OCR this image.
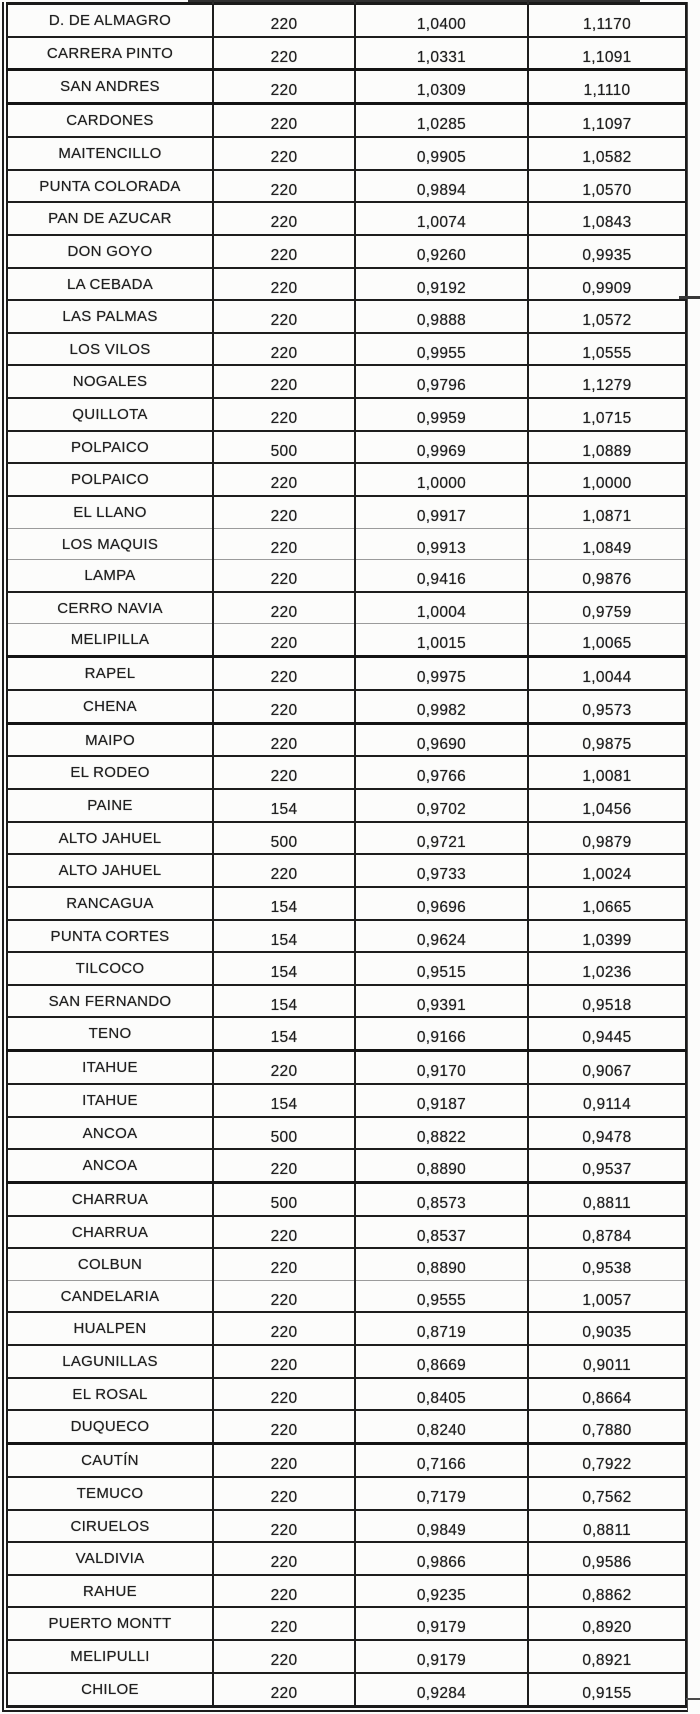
D. DE ALMAGRO	220	1,0400	1,1170
CARRERA PINTO	220	1,0331	1,1091
SAN ANDRES	220	1,0309	1,1110
CARDONES	220	1,0285	1,1097
MAITENCILLO	220	0,9905	1,0582
PUNTA COLORADA	220	0,9894	1,0570
PAN DE AZUCAR	220	1,0074	1,0843
DON GOYO	220	0,9260	0,9935
LA CEBADA	220	0,9192	0,9909
LAS PALMAS	220	0,9888	1,0572
LOS VILOS	220	0,9955	1,0555
NOGALES	220	0,9796	1,1279
QUILLOTA	220	0,9959	1,0715
POLPAICO	500	0,9969	1,0889
POLPAICO	220	1,0000	1,0000
EL LLANO	220	0,9917	1,0871
LOS MAQUIS	220	0,9913	1,0849
LAMPA	220	0,9416	0,9876
CERRO NAVIA	220	1,0004	0,9759
MELIPILLA	220	1,0015	1,0065
RAPEL	220	0,9975	1,0044
CHENA	220	0,9982	0,9573
MAIPO	220	0,9690	0,9875
EL RODEO	220	0,9766	1,0081
PAINE	154	0,9702	1,0456
ALTO JAHUEL	500	0,9721	0,9879
ALTO JAHUEL	220	0,9733	1,0024
RANCAGUA	154	0,9696	1,0665
PUNTA CORTES	154	0,9624	1,0399
TILCOCO	154	0,9515	1,0236
SAN FERNANDO	154	0,9391	0,9518
TENO	154	0,9166	0,9445
ITAHUE	220	0,9170	0,9067
ITAHUE	154	0,9187	0,9114
ANCOA	500	0,8822	0,9478
ANCOA	220	0,8890	0,9537
CHARRUA	500	0,8573	0,8811
CHARRUA	220	0,8537	0,8784
COLBUN	220	0,8890	0,9538
CANDELARIA	220	0,9555	1,0057
HUALPEN	220	0,8719	0,9035
LAGUNILLAS	220	0,8669	0,9011
EL ROSAL	220	0,8405	0,8664
DUQUECO	220	0,8240	0,7880
CAUTÍN	220	0,7166	0,7922
TEMUCO	220	0,7179	0,7562
CIRUELOS	220	0,9849	0,8811
VALDIVIA	220	0,9866	0,9586
RAHUE	220	0,9235	0,8862
PUERTO MONTT	220	0,9179	0,8920
MELIPULLI	220	0,9179	0,8921
CHILOE	220	0,9284	0,9155
